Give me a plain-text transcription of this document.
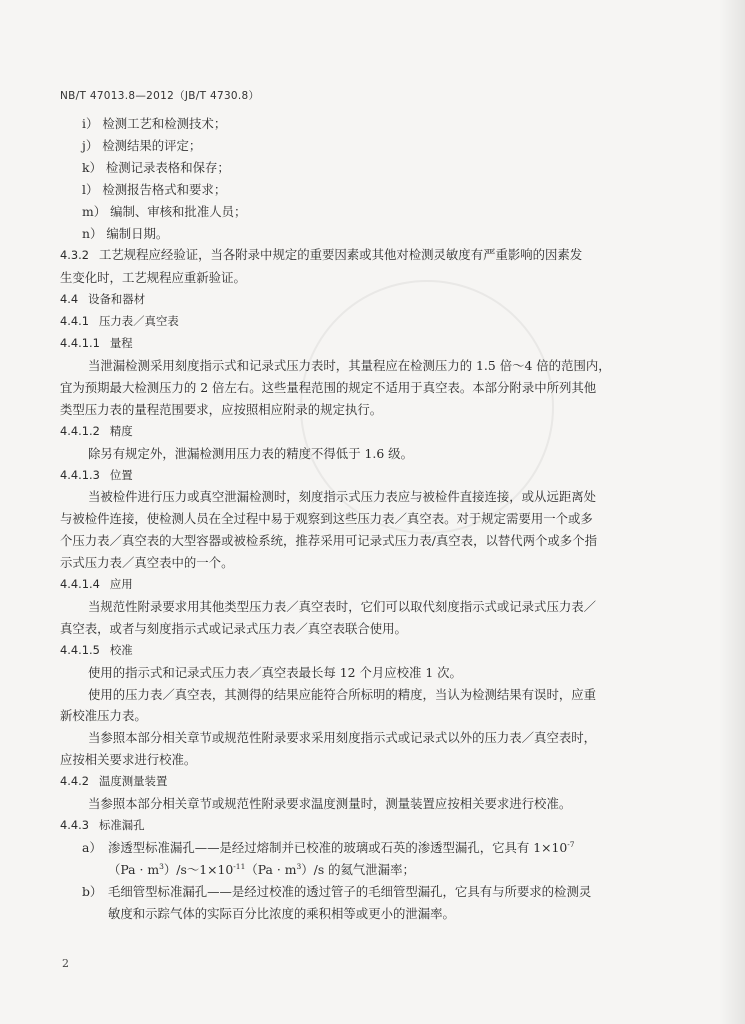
NB/T 47013.8—2012（JB/T 4730.8）
i） 检测工艺和检测技术；
j） 检测结果的评定；
k） 检测记录表格和保存；
l） 检测报告格式和要求；
m） 编制、审核和批准人员；
n） 编制日期。
4.3.2 工艺规程应经验证，当各附录中规定的重要因素或其他对检测灵敏度有严重影响的因素发
生变化时，工艺规程应重新验证。
4.4 设备和器材
4.4.1 压力表／真空表
4.4.1.1 量程
当泄漏检测采用刻度指示式和记录式压力表时，其量程应在检测压力的 1.5 倍～4 倍的范围内，
宜为预期最大检测压力的 2 倍左右。这些量程范围的规定不适用于真空表。本部分附录中所列其他
类型压力表的量程范围要求，应按照相应附录的规定执行。
4.4.1.2 精度
除另有规定外，泄漏检测用压力表的精度不得低于 1.6 级。
4.4.1.3 位置
当被检件进行压力或真空泄漏检测时，刻度指示式压力表应与被检件直接连接，或从远距离处
与被检件连接，使检测人员在全过程中易于观察到这些压力表／真空表。对于规定需要用一个或多
个压力表／真空表的大型容器或被检系统，推荐采用可记录式压力表/真空表，以替代两个或多个指
示式压力表／真空表中的一个。
4.4.1.4 应用
当规范性附录要求用其他类型压力表／真空表时，它们可以取代刻度指示式或记录式压力表／
真空表，或者与刻度指示式或记录式压力表／真空表联合使用。
4.4.1.5 校准
使用的指示式和记录式压力表／真空表最长每 12 个月应校准 1 次。
使用的压力表／真空表，其测得的结果应能符合所标明的精度，当认为检测结果有误时，应重
新校准压力表。
当参照本部分相关章节或规范性附录要求采用刻度指示式或记录式以外的压力表／真空表时，
应按相关要求进行校准。
4.4.2 温度测量装置
当参照本部分相关章节或规范性附录要求温度测量时，测量装置应按相关要求进行校准。
4.4.3 标准漏孔
a） 渗透型标准漏孔——是经过熔制并已校准的玻璃或石英的渗透型漏孔，它具有 $1\times 10^{-7}$
$(Pa \cdot m^3)/s\sim 1\times 10^{-11}(Pa \cdot m^3)/s$ 的氦气泄漏率；
b） 毛细管型标准漏孔——是经过校准的透过管子的毛细管型漏孔，它具有与所要求的检测灵
敏度和示踪气体的实际百分比浓度的乘积相等或更小的泄漏率。
2
